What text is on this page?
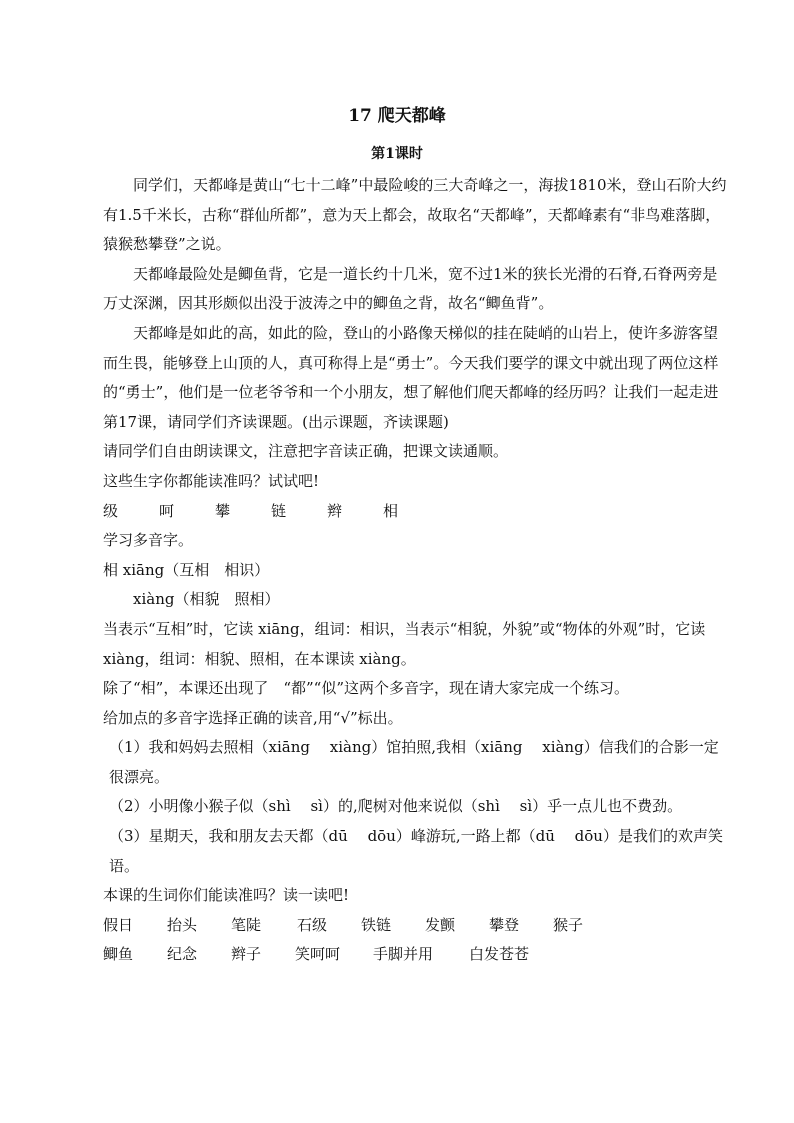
17 爬天都峰
第1课时

同学们，天都峰是黄山“七十二峰”中最险峻的三大奇峰之一，海拔1810米，登山石阶大约有1.5千米长，古称“群仙所都”，意为天上都会，故取名“天都峰”，天都峰素有“非鸟难落脚，猿猴愁攀登”之说。

天都峰最险处是鲫鱼背，它是一道长约十几米，宽不过1米的狭长光滑的石脊,石脊两旁是万丈深渊，因其形颇似出没于波涛之中的鲫鱼之背，故名“鲫鱼背”。

天都峰是如此的高，如此的险，登山的小路像天梯似的挂在陡峭的山岩上，使许多游客望而生畏，能够登上山顶的人，真可称得上是“勇士”。今天我们要学的课文中就出现了两位这样的“勇士”，他们是一位老爷爷和一个小朋友，想了解他们爬天都峰的经历吗？让我们一起走进第17课，请同学们齐读课题。(出示课题，齐读课题)

请同学们自由朗读课文，注意把字音读正确，把课文读通顺。

这些生字你都能读准吗？试试吧!

级	呵	攀	链	辫	相

学习多音字。

相 xiāng（互相　相识）

xiàng（相貌　照相）

当表示“互相”时，它读 xiāng，组词：相识，当表示“相貌，外貌”或“物体的外观”时，它读 xiàng，组词：相貌、照相，在本课读 xiàng。

除了“相”，本课还出现了　“都”“似”这两个多音字，现在请大家完成一个练习。

给加点的多音字选择正确的读音,用“√”标出。

（1）我和妈妈去照相（xiāng　 xiàng）馆拍照,我相（xiāng　 xiàng）信我们的合影一定很漂亮。

（2）小明像小猴子似（shì　 sì）的,爬树对他来说似（shì　 sì）乎一点儿也不费劲。

（3）星期天，我和朋友去天都（dū　 dōu）峰游玩,一路上都（dū　 dōu）是我们的欢声笑语。

本课的生词你们能读准吗？读一读吧!

假日	抬头	笔陡	石级	铁链	发颤	攀登	猴子
鲫鱼	纪念	辫子	笑呵呵	手脚并用	白发苍苍
